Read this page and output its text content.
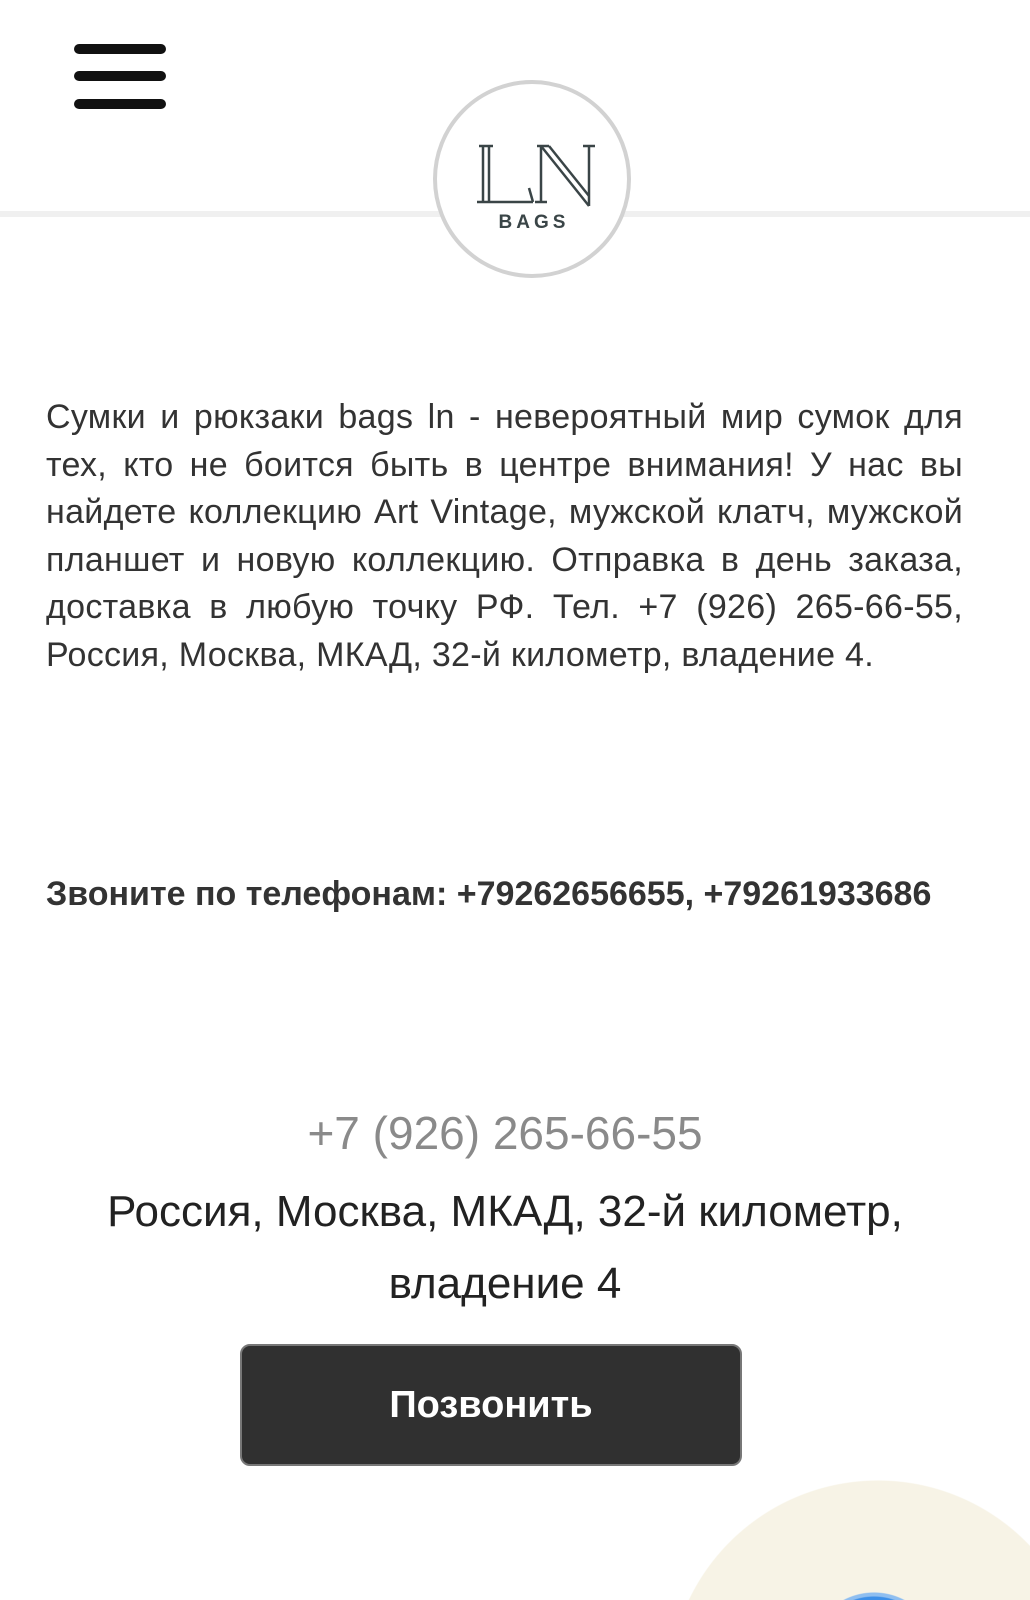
BAGS
Сумки и рюкзаки bags ln - невероятный мир сумок для тех, кто не боится быть в центре внимания! У нас вы найдете коллекцию Art Vintage, мужской клатч, мужской планшет и новую коллекцию. Отправка в день заказа, доставка в любую точку РФ. Тел. +7 (926) 265-66-55, Россия, Москва, МКАД, 32-й километр, владение 4.
Звоните по телефонам: +79262656655, +79261933686
+7 (926) 265-66-55
Россия, Москва, МКАД, 32-й километр, владение 4
Позвонить
